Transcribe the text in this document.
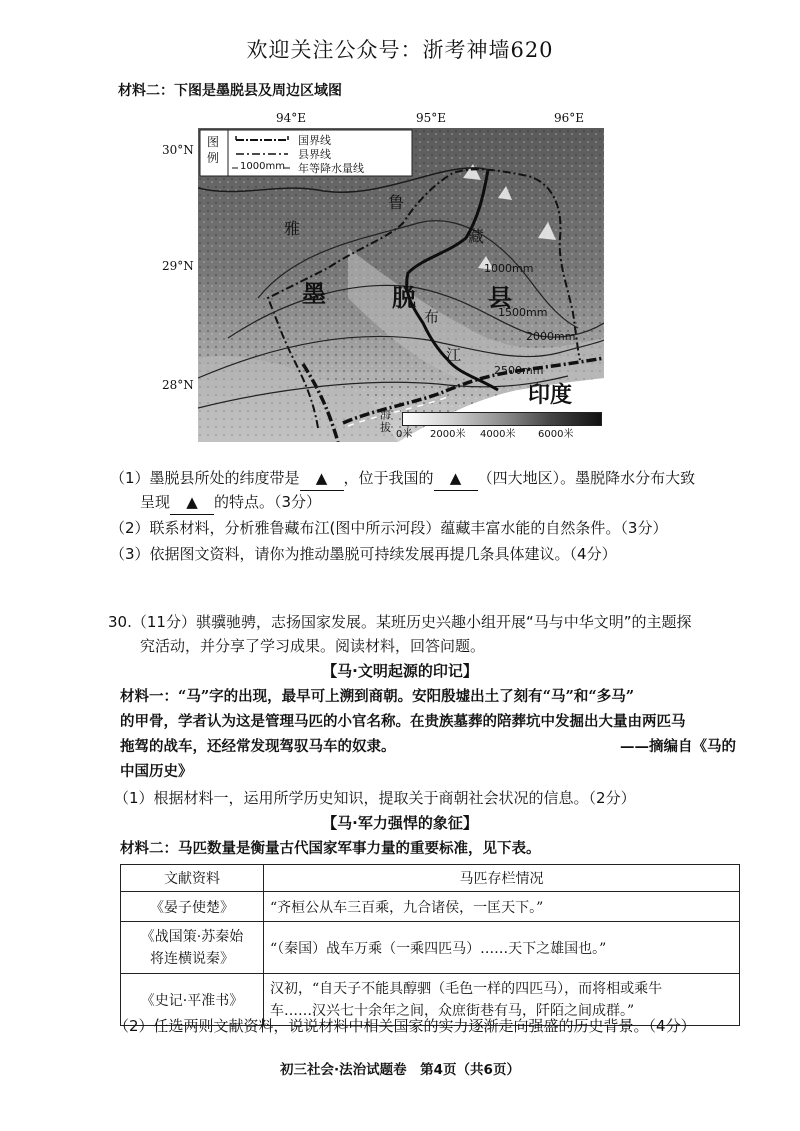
欢迎关注公众号：浙考神墙620
材料二：下图是墨脱县及周边区域图
94°E	95°E	96°E
30°N
29°N
28°N
图例
国界线
县界线
1000mm 年等降水量线
雅
鲁
藏
墨	脱	县
布
江
印度
1000mm
1500mm
2000mm
2500mm
海拔
0米 2000米 4000米 6000米
（1）墨脱县所处的纬度带是 ▲ ，位于我国的 ▲ （四大地区）。墨脱降水分布大致
呈现 ▲ 的特点。（3分）
（2）联系材料，分析雅鲁藏布江(图中所示河段）蕴藏丰富水能的自然条件。（3分）
（3）依据图文资料，请你为推动墨脱可持续发展再提几条具体建议。（4分）
30.（11分）骐骥驰骋，志扬国家发展。某班历史兴趣小组开展“马与中华文明”的主题探
究活动，并分享了学习成果。阅读材料，回答问题。
【马·文明起源的印记】
材料一：“马”字的出现，最早可上溯到商朝。安阳殷墟出土了刻有“马”和“多马”
的甲骨，学者认为这是管理马匹的小官名称。在贵族墓葬的陪葬坑中发掘出大量由两匹马
拖驾的战车，还经常发现驾驭马车的奴隶。	——摘编自《马的
中国历史》
（1）根据材料一，运用所学历史知识，提取关于商朝社会状况的信息。（2分）
【马·军力强悍的象征】
材料二：马匹数量是衡量古代国家军事力量的重要标准，见下表。
文献资料	马匹存栏情况
《晏子使楚》	“齐桓公从车三百乘，九合诸侯，一匡天下。”

《战国策·苏秦始
将连横说秦》	“（秦国）战车万乘（一乘四匹马）……天下之雄国也。”
《史记·平准书》	汉初，“自天子不能具醇驷（毛色一样的四匹马），而将相或乘牛
车……汉兴七十余年之间，众庶街巷有马，阡陌之间成群。”
（2）任选两则文献资料，说说材料中相关国家的实力逐渐走向强盛的历史背景。（4分）
初三社会·法治试题卷　第4页（共6页）
